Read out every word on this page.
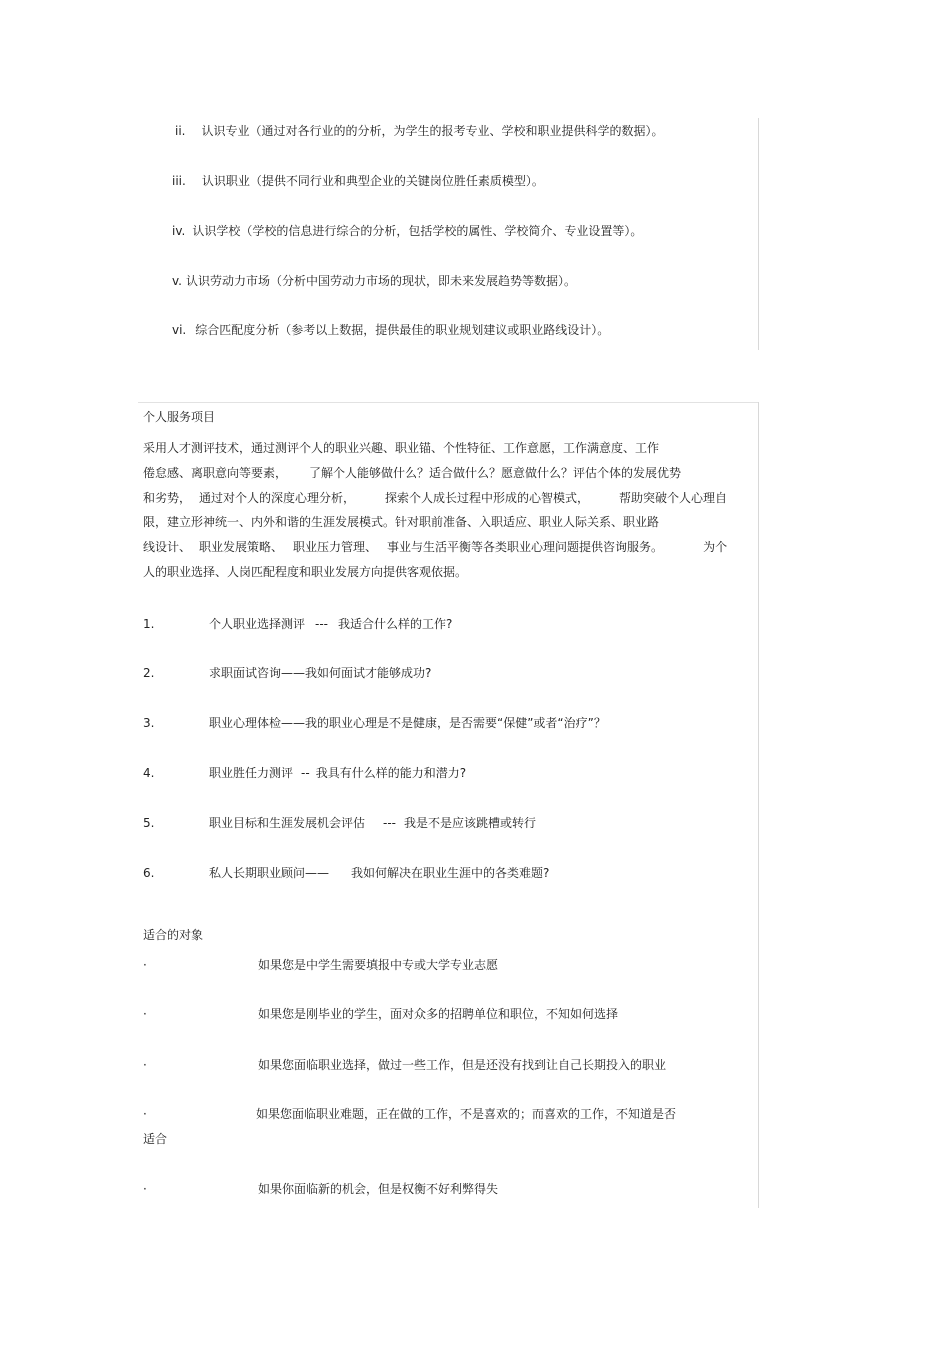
ii. 认识专业（通过对各行业的的分析，为学生的报考专业、学校和职业提供科学的数据）。
iii. 认识职业（提供不同行业和典型企业的关键岗位胜任素质模型）。
iv. 认识学校（学校的信息进行综合的分析，包括学校的属性、学校简介、专业设置等）。
v. 认识劳动力市场（分析中国劳动力市场的现状，即未来发展趋势等数据）。
vi. 综合匹配度分析（参考以上数据，提供最佳的职业规划建议或职业路线设计）。
个人服务项目
采用人才测评技术，通过测评个人的职业兴趣、职业锚、个性特征、工作意愿，工作满意度、工作
倦怠感、离职意向等要素， 了解个人能够做什么？适合做什么？愿意做什么？评估个体的发展优势
和劣势， 通过对个人的深度心理分析，	探索个人成长过程中形成的心智模式，	帮助突破个人心理自
限，建立形神统一、内外和谐的生涯发展模式。针对职前准备、入职适应、职业人际关系、职业路
线设计、 职业发展策略、 职业压力管理、 事业与生活平衡等各类职业心理问题提供咨询服务。	为个
人的职业选择、人岗匹配程度和职业发展方向提供客观依据。
1.	个人职业选择测评 --- 我适合什么样的工作?
2.	求职面试咨询——我如何面试才能够成功?
3.	职业心理体检——我的职业心理是不是健康，是否需要“保健”或者“治疗”？
4.	职业胜任力测评 -- 我具有什么样的能力和潜力?
5.	职业目标和生涯发展机会评估 --- 我是不是应该跳槽或转行
6.	私人长期职业顾问—— 我如何解决在职业生涯中的各类难题?
适合的对象
·	如果您是中学生需要填报中专或大学专业志愿
·	如果您是刚毕业的学生，面对众多的招聘单位和职位，不知如何选择
·	如果您面临职业选择，做过一些工作，但是还没有找到让自己长期投入的职业
·	如果您面临职业难题，正在做的工作，不是喜欢的；而喜欢的工作，不知道是否
适合
·	如果你面临新的机会，但是权衡不好利弊得失
